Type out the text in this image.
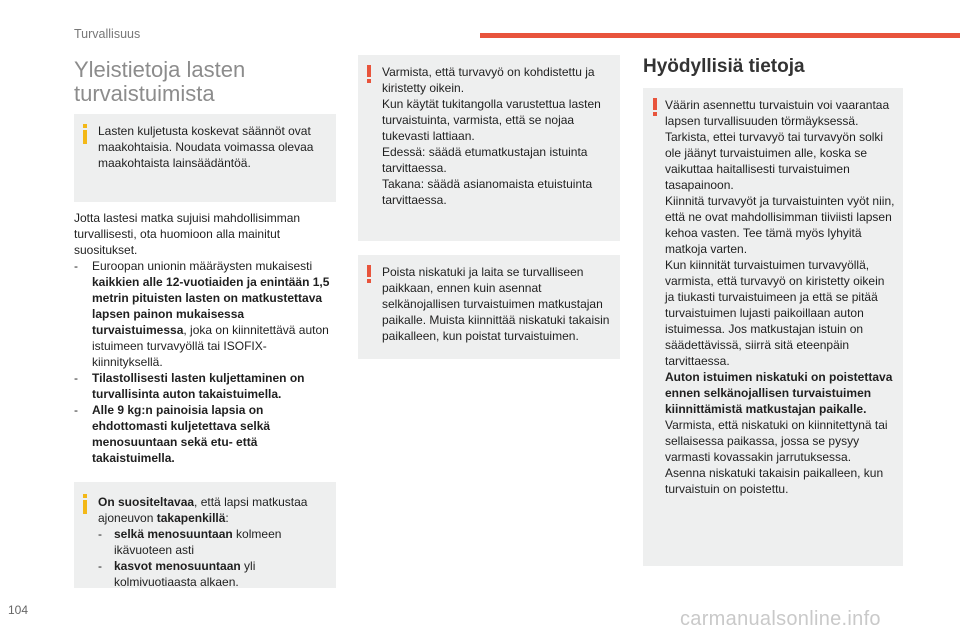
Turvallisuus
Yleistietoja lasten turvaistuimista
Lasten kuljetusta koskevat säännöt ovat maakohtaisia. Noudata voimassa olevaa maakohtaista lainsäädäntöä.

Jotta lastesi matka sujuisi mahdollisimman turvallisesti, ota huomioon alla mainitut suositukset.

- Euroopan unionin määräysten mukaisesti kaikkien alle 12-vuotiaiden ja enintään 1,5 metrin pituisten lasten on matkustettava lapsen painon mukaisessa turvaistuimessa, joka on kiinnitettävä auton istuimeen turvavyöllä tai ISOFIX-kiinnityksellä.

- Tilastollisesti lasten kuljettaminen on turvallisinta auton takaistuimella.

- Alle 9 kg:n painoisia lapsia on ehdottomasti kuljetettava selkä menosuuntaan sekä etu- että takaistuimella.

On suositeltavaa, että lapsi matkustaa ajoneuvon takapenkillä:

- selkä menosuuntaan kolmeen ikävuoteen asti

- kasvot menosuuntaan yli kolmivuotiaasta alkaen.

Varmista, että turvavyö on kohdistettu ja kiristetty oikein.

Kun käytät tukitangolla varustettua lasten turvaistuinta, varmista, että se nojaa tukevasti lattiaan.

Edessä: säädä etumatkustajan istuinta tarvittaessa.

Takana: säädä asianomaista etuistuinta tarvittaessa.

Poista niskatuki ja laita se turvalliseen paikkaan, ennen kuin asennat selkänojallisen turvaistuimen matkustajan paikalle. Muista kiinnittää niskatuki takaisin paikalleen, kun poistat turvaistuimen.
Hyödyllisiä tietoja

Väärin asennettu turvaistuin voi vaarantaa lapsen turvallisuuden törmäyksessä.

Tarkista, ettei turvavyö tai turvavyön solki ole jäänyt turvaistuimen alle, koska se vaikuttaa haitallisesti turvaistuimen tasapainoon.

Kiinnitä turvavyöt ja turvaistuinten vyöt niin, että ne ovat mahdollisimman tiiviisti lapsen kehoa vasten. Tee tämä myös lyhyitä matkoja varten.

Kun kiinnität turvaistuimen turvavyöllä, varmista, että turvavyö on kiristetty oikein ja tiukasti turvaistuimeen ja että se pitää turvaistuimen lujasti paikoillaan auton istuimessa. Jos matkustajan istuin on säädettävissä, siirrä sitä eteenpäin tarvittaessa.

Auton istuimen niskatuki on poistettava ennen selkänojallisen turvaistuimen kiinnittämistä matkustajan paikalle.

Varmista, että niskatuki on kiinnitettynä tai sellaisessa paikassa, jossa se pysyy varmasti kovassakin jarrutuksessa.

Asenna niskatuki takaisin paikalleen, kun turvaistuin on poistettu.

104	carmanualsonline.info
